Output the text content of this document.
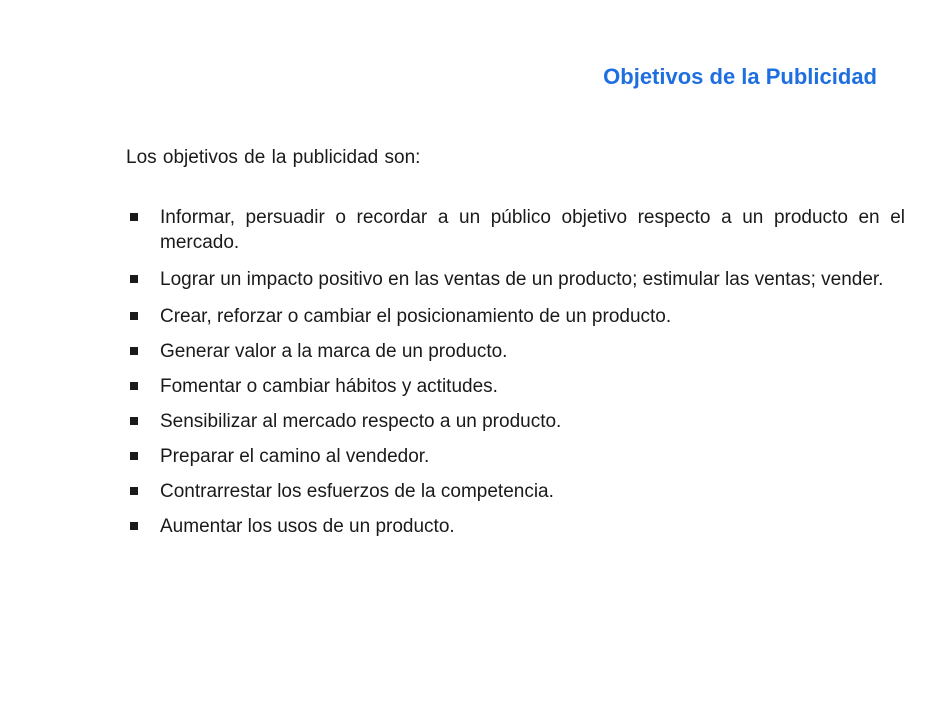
Objetivos de la Publicidad
Los objetivos de la publicidad son:
Informar, persuadir o recordar a un público objetivo respecto a un producto en el mercado.
Lograr un impacto positivo en las ventas de un producto; estimular las ventas; vender.
Crear, reforzar o cambiar el posicionamiento de un producto.
Generar valor a la marca de un producto.
Fomentar o cambiar hábitos y actitudes.
Sensibilizar al mercado respecto a un producto.
Preparar el camino al vendedor.
Contrarrestar los esfuerzos de la competencia.
Aumentar los usos de un producto.
